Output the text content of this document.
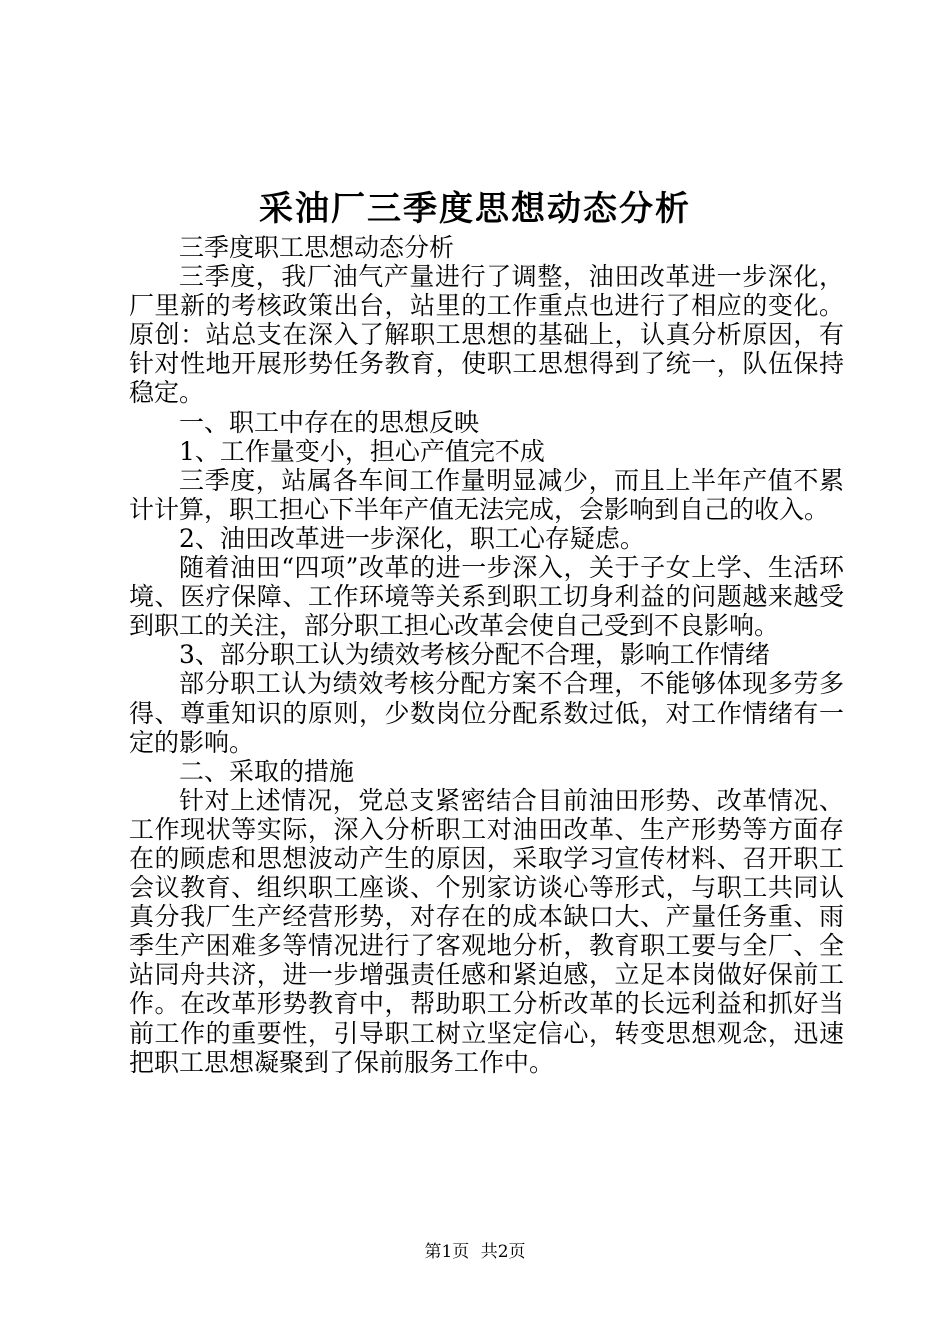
采油厂三季度思想动态分析

三季度职工思想动态分析

三季度，我厂油气产量进行了调整，油田改革进一步深化，厂里新的考核政策出台，站里的工作重点也进行了相应的变化。原创：站总支在深入了解职工思想的基础上，认真分析原因，有针对性地开展形势任务教育，使职工思想得到了统一，队伍保持稳定。

一、职工中存在的思想反映

1、工作量变小，担心产值完不成

三季度，站属各车间工作量明显减少，而且上半年产值不累计计算，职工担心下半年产值无法完成，会影响到自己的收入。

2、油田改革进一步深化，职工心存疑虑。

随着油田“四项”改革的进一步深入，关于子女上学、生活环境、医疗保障、工作环境等关系到职工切身利益的问题越来越受到职工的关注，部分职工担心改革会使自己受到不良影响。

3、部分职工认为绩效考核分配不合理，影响工作情绪

部分职工认为绩效考核分配方案不合理，不能够体现多劳多得、尊重知识的原则，少数岗位分配系数过低，对工作情绪有一定的影响。

二、采取的措施

针对上述情况，党总支紧密结合目前油田形势、改革情况、工作现状等实际，深入分析职工对油田改革、生产形势等方面存在的顾虑和思想波动产生的原因，采取学习宣传材料、召开职工会议教育、组织职工座谈、个别家访谈心等形式，与职工共同认真分我厂生产经营形势，对存在的成本缺口大、产量任务重、雨季生产困难多等情况进行了客观地分析，教育职工要与全厂、全站同舟共济，进一步增强责任感和紧迫感，立足本岗做好保前工作。在改革形势教育中，帮助职工分析改革的长远利益和抓好当前工作的重要性，引导职工树立坚定信心，转变思想观念，迅速把职工思想凝聚到了保前服务工作中。

第1页 共2页
